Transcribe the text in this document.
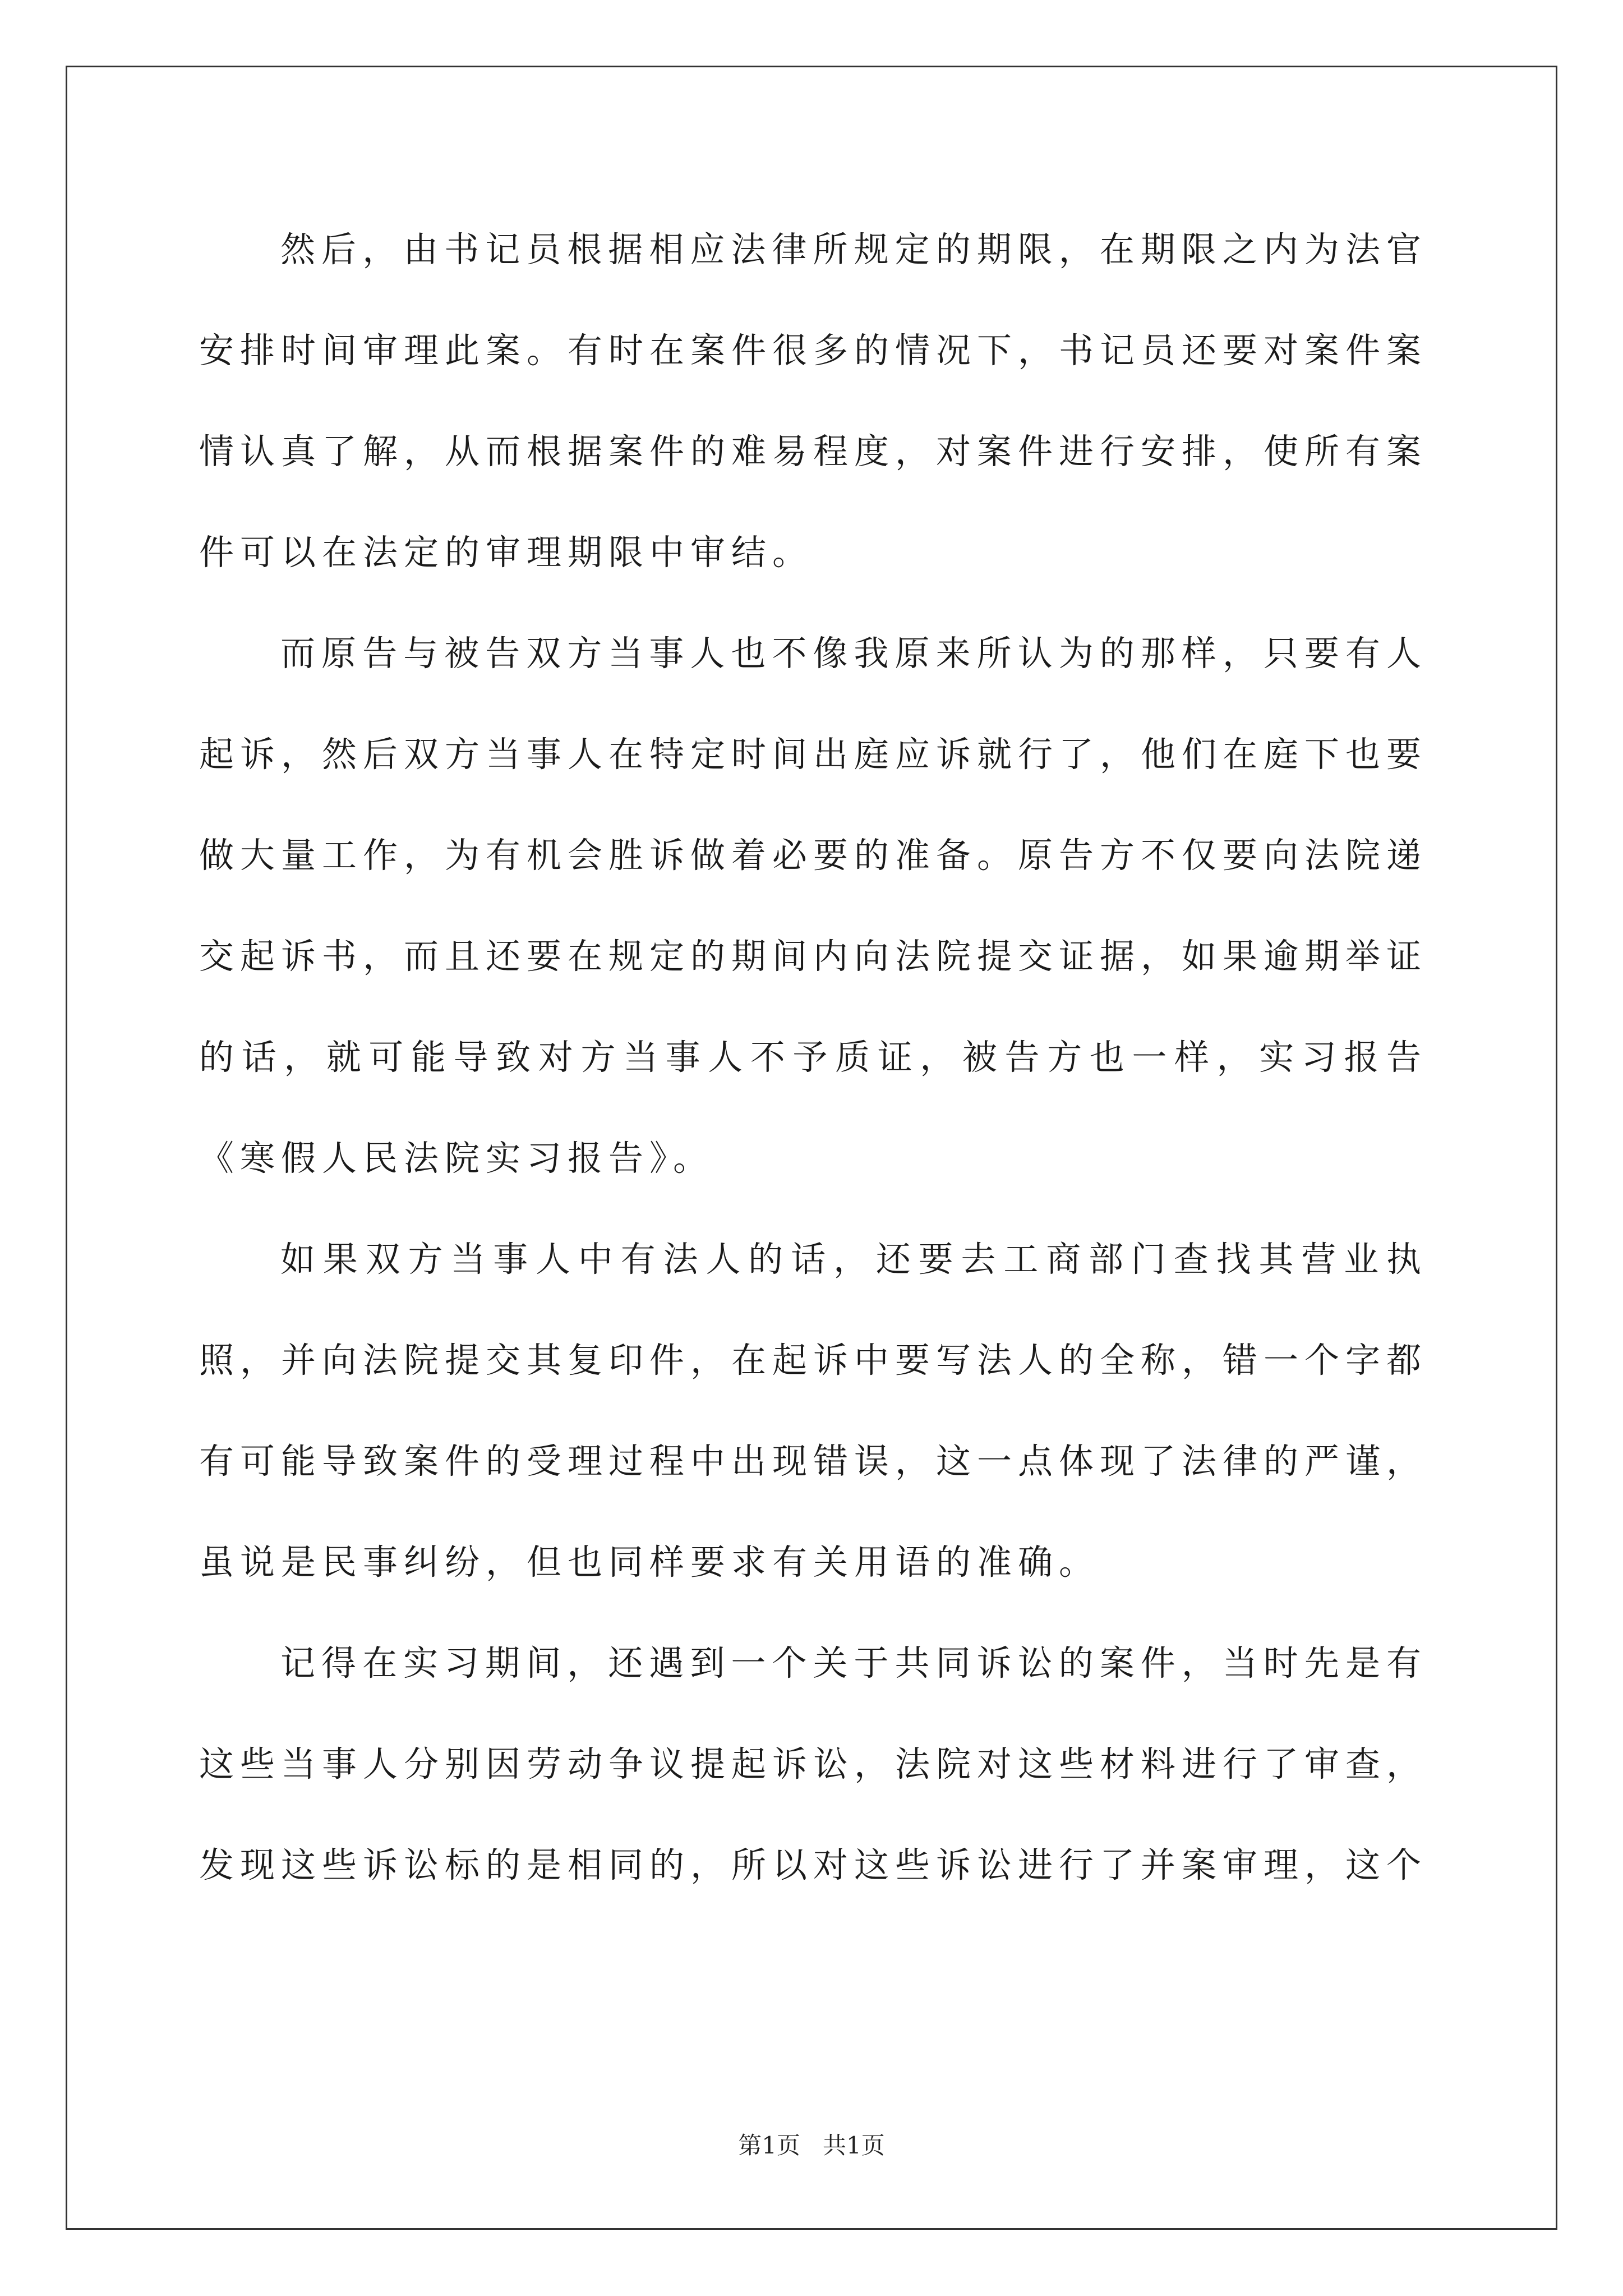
然后，由书记员根据相应法律所规定的期限，在期限之内为法官安排时间审理此案。有时在案件很多的情况下，书记员还要对案件案情认真了解，从而根据案件的难易程度，对案件进行安排，使所有案件可以在法定的审理期限中审结。

而原告与被告双方当事人也不像我原来所认为的那样，只要有人起诉，然后双方当事人在特定时间出庭应诉就行了，他们在庭下也要做大量工作，为有机会胜诉做着必要的准备。原告方不仅要向法院递交起诉书，而且还要在规定的期间内向法院提交证据，如果逾期举证的话，就可能导致对方当事人不予质证，被告方也一样，实习报告《寒假人民法院实习报告》。

如果双方当事人中有法人的话，还要去工商部门查找其营业执照，并向法院提交其复印件，在起诉中要写法人的全称，错一个字都有可能导致案件的受理过程中出现错误，这一点体现了法律的严谨，虽说是民事纠纷，但也同样要求有关用语的准确。

记得在实习期间，还遇到一个关于共同诉讼的案件，当时先是有这些当事人分别因劳动争议提起诉讼，法院对这些材料进行了审查，发现这些诉讼标的是相同的，所以对这些诉讼进行了并案审理，这个

第1页 共1页
